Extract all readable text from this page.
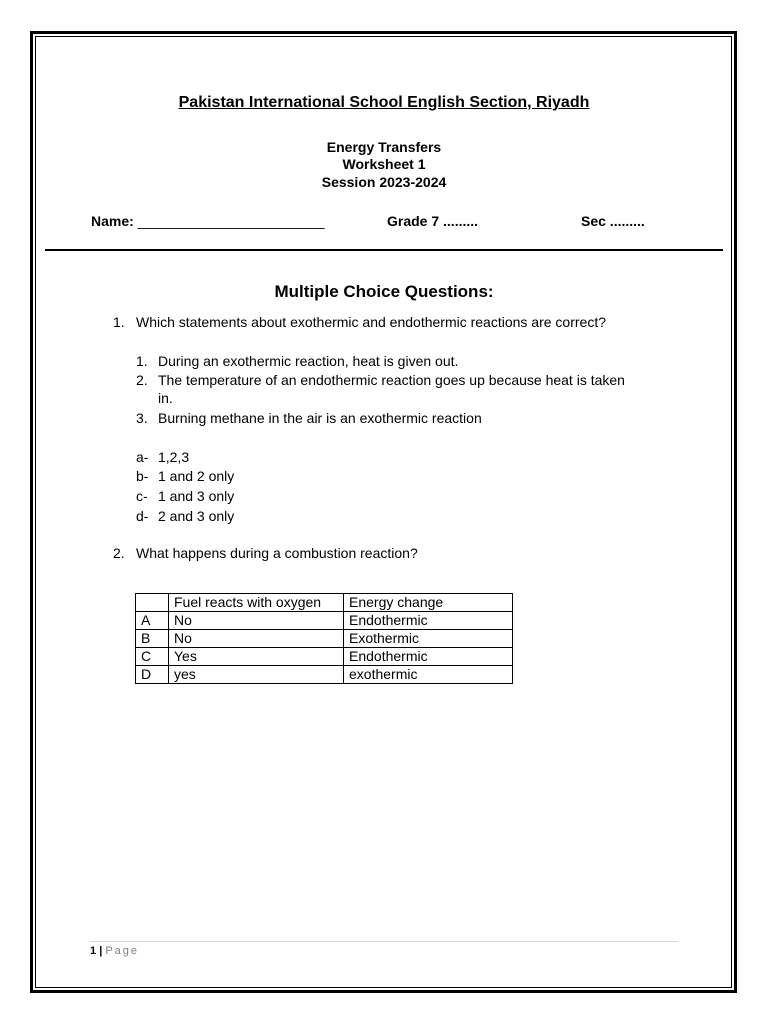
Pakistan International School English Section, Riyadh
Energy Transfers
Worksheet 1
Session 2023-2024
Name: ________________________	Grade 7 .........	Sec .........
Multiple Choice Questions:
1. Which statements about exothermic and endothermic reactions are correct?
1. During an exothermic reaction, heat is given out.
2. The temperature of an endothermic reaction goes up because heat is taken
in.
3. Burning methane in the air is an exothermic reaction
a- 1,2,3
b- 1 and 2 only
c- 1 and 3 only
d- 2 and 3 only
2. What happens during a combustion reaction?
	Fuel reacts with oxygen	Energy change
A	No	Endothermic
B	No	Exothermic
C	Yes	Endothermic
D	yes	exothermic
1 | Page
